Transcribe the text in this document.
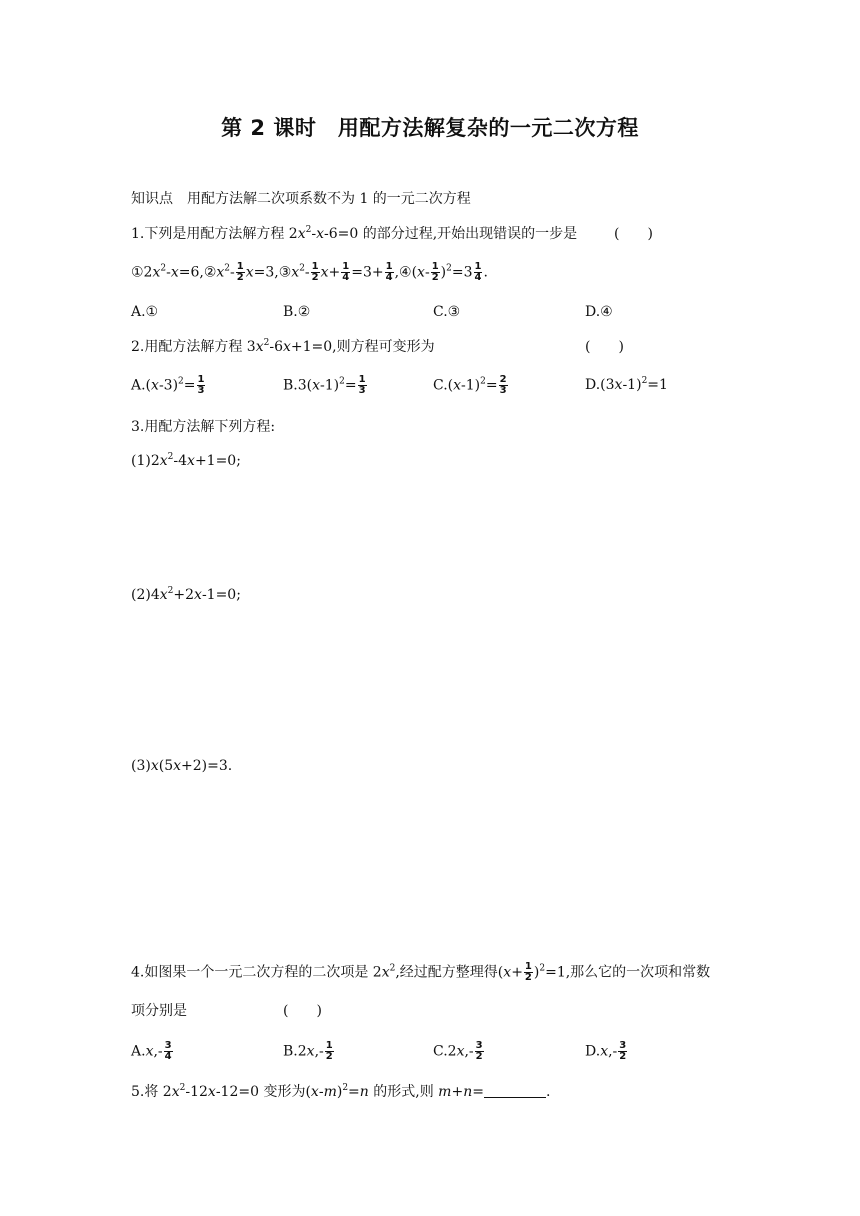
第 2 课时　用配方法解复杂的一元二次方程
知识点　用配方法解二次项系数不为 1 的一元二次方程
1.下列是用配方法解方程 $2x^2-x-6=0$ 的部分过程,开始出现错误的一步是	(　　)
$①2x^2-x=6,②x^2- \frac{1}{2}$ $x=3,③x^2- \frac{1}{2} x+ \frac{1}{4} =3+ \frac{1}{4}$ ,④(x- $\frac{1}{2} )^2=3 \frac{1}{4}$ .
A.①	B.②	C.③	D.④
2.用配方法解方程 $3x^2-6x+1=0$,则方程可变形为	(　　)
$A.(x-3)^2= \frac{1}{3}$	$B.3(x-1)^2= \frac{1}{3}$	$C.(x-1)^2= \frac{2}{3}$	$D.(3x-1)^2=1$
3.用配方法解下列方程:
$(1)2x^2-4x+1=0$;
$(2)4x^2+2x-1=0$;
(3)x(5x+2)=3.
4.如图果一个一元二次方程的二次项是 $2x^2$,经过配方整理得$(x+ \frac{1}{2} )^2=1$,那么它的一次项和常数
项分别是	(　　)
$A.x,- \frac{3}{4}$	$B.2x,- \frac{1}{2}$	$C.2x,- \frac{3}{2}$	$D.x,- \frac{3}{2}$
5.将 $2x^2-12x-12=0$ 变形为$(x-m)^2=n$ 的形式,则 m+n=	.
